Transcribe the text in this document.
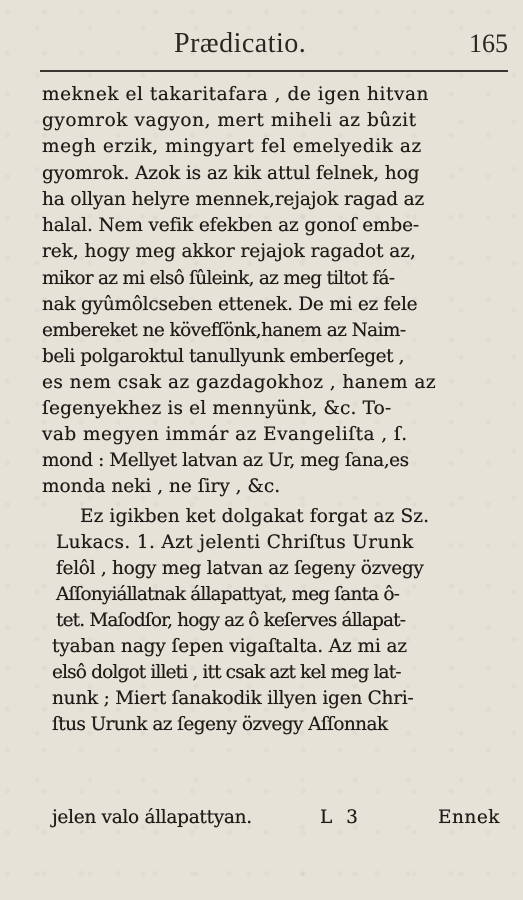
Prædicatio.	165
meknek el takaritafara , de igen hitvan
gyomrok vagyon, mert miheli az bûzit
megh erzik, mingyart fel emelyedik az
gyomrok. Azok is az kik attul felnek, hog
ha ollyan helyre mennek,rejajok ragad az
halal. Nem vefik efekben az gonoſ embe-
rek, hogy meg akkor rejajok ragadot az,
mikor az mi elsô ſûleink, az meg tiltot fá-
nak gyûmôlcseben ettenek. De mi ez fele
embereket ne kövefſönk,hanem az Naim-
beli polgaroktul tanullyunk emberſeget ,
es nem csak az gazdagokhoz , hanem az
ſegenyekhez is el mennyünk, &c. To-
vab megyen immár az Evangeliſta , ſ.
mond : Mellyet latvan az Ur, meg ſana,es
monda neki , ne ſiry , &c.
Ez igikben ket dolgakat forgat az Sz.
Lukacs. 1. Azt jelenti Chriſtus Urunk
felôl , hogy meg latvan az ſegeny özvegy
Aſſonyiállatnak állapattyat, meg ſanta ô-
tet. Maſodſor, hogy az ô keſerves állapat-
tyaban nagy ſepen vigaſtalta. Az mi az
elsô dolgot illeti , itt csak azt kel meg lat-
nunk ; Miert ſanakodik illyen igen Chri-
ſtus Urunk az ſegeny özvegy Aſſonnak
jelen valo állapattyan.	L 3	Ennek
